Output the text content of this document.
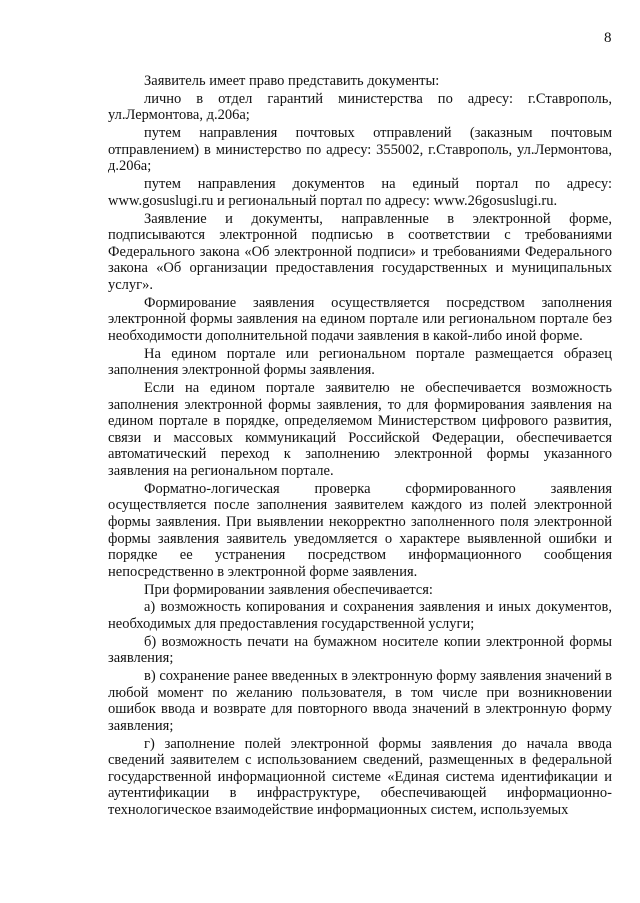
8

Заявитель имеет право представить документы:

лично в отдел гарантий министерства по адресу: г.Ставрополь, ул.Лермонтова, д.206а;

путем направления почтовых отправлений (заказным почтовым отправлением) в министерство по адресу: 355002, г.Ставрополь, ул.Лермонтова, д.206а;

путем направления документов на единый портал по адресу: www.gosuslugi.ru и региональный портал по адресу: www.26gosuslugi.ru.

Заявление и документы, направленные в электронной форме, подписываются электронной подписью в соответствии с требованиями Федерального закона «Об электронной подписи» и требованиями Федерального закона «Об организации предоставления государственных и муниципальных услуг».

Формирование заявления осуществляется посредством заполнения электронной формы заявления на едином портале или региональном портале без необходимости дополнительной подачи заявления в какой-либо иной форме.

На едином портале или региональном портале размещается образец заполнения электронной формы заявления.

Если на едином портале заявителю не обеспечивается возможность заполнения электронной формы заявления, то для формирования заявления на едином портале в порядке, определяемом Министерством цифрового развития, связи и массовых коммуникаций Российской Федерации, обеспечивается автоматический переход к заполнению электронной формы указанного заявления на региональном портале.

Форматно-логическая проверка сформированного заявления осуществляется после заполнения заявителем каждого из полей электронной формы заявления. При выявлении некорректно заполненного поля электронной формы заявления заявитель уведомляется о характере выявленной ошибки и порядке ее устранения посредством информационного сообщения непосредственно в электронной форме заявления.

При формировании заявления обеспечивается:

а) возможность копирования и сохранения заявления и иных документов, необходимых для предоставления государственной услуги;

б) возможность печати на бумажном носителе копии электронной формы заявления;

в) сохранение ранее введенных в электронную форму заявления значений в любой момент по желанию пользователя, в том числе при возникновении ошибок ввода и возврате для повторного ввода значений в электронную форму заявления;

г) заполнение полей электронной формы заявления до начала ввода сведений заявителем с использованием сведений, размещенных в федеральной государственной информационной системе «Единая система идентификации и аутентификации в инфраструктуре, обеспечивающей информационно-технологическое взаимодействие информационных систем, используемых
